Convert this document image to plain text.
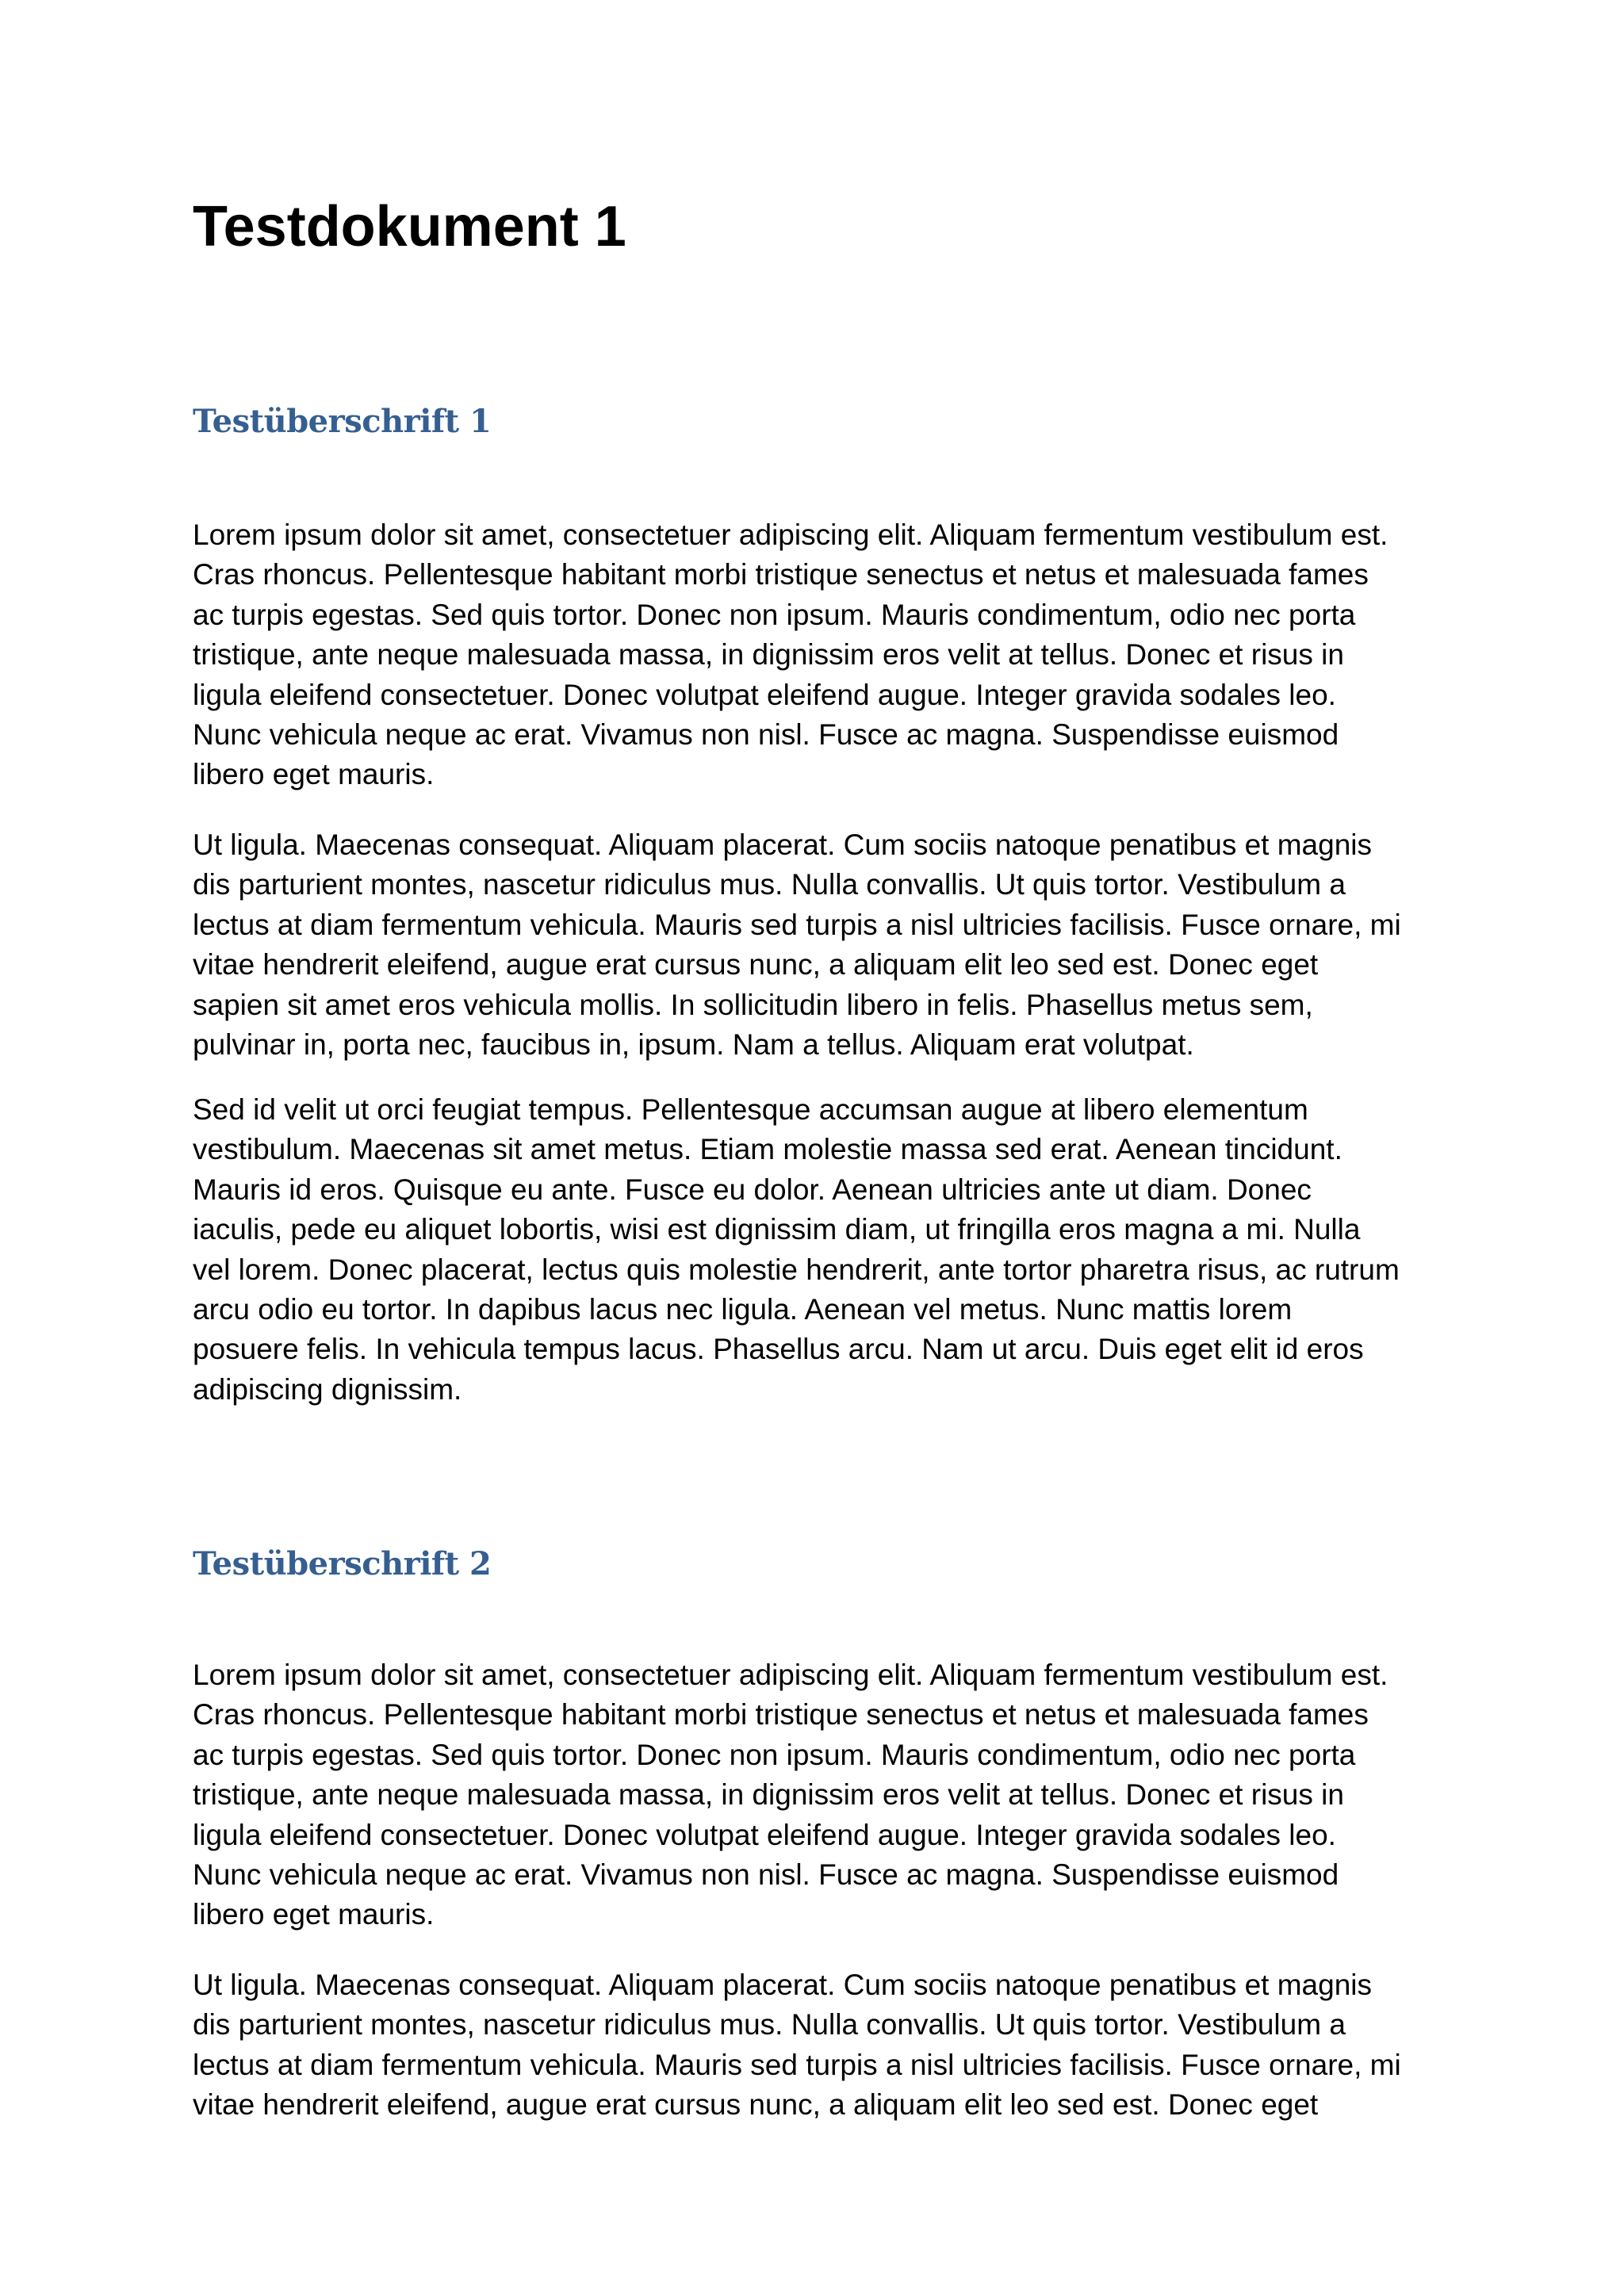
Testdokument 1
Testüberschrift 1
Lorem ipsum dolor sit amet, consectetuer adipiscing elit. Aliquam fermentum vestibulum est.
Cras rhoncus. Pellentesque habitant morbi tristique senectus et netus et malesuada fames
ac turpis egestas. Sed quis tortor. Donec non ipsum. Mauris condimentum, odio nec porta
tristique, ante neque malesuada massa, in dignissim eros velit at tellus. Donec et risus in
ligula eleifend consectetuer. Donec volutpat eleifend augue. Integer gravida sodales leo.
Nunc vehicula neque ac erat. Vivamus non nisl. Fusce ac magna. Suspendisse euismod
libero eget mauris.
Ut ligula. Maecenas consequat. Aliquam placerat. Cum sociis natoque penatibus et magnis
dis parturient montes, nascetur ridiculus mus. Nulla convallis. Ut quis tortor. Vestibulum a
lectus at diam fermentum vehicula. Mauris sed turpis a nisl ultricies facilisis. Fusce ornare, mi
vitae hendrerit eleifend, augue erat cursus nunc, a aliquam elit leo sed est. Donec eget
sapien sit amet eros vehicula mollis. In sollicitudin libero in felis. Phasellus metus sem,
pulvinar in, porta nec, faucibus in, ipsum. Nam a tellus. Aliquam erat volutpat.
Sed id velit ut orci feugiat tempus. Pellentesque accumsan augue at libero elementum
vestibulum. Maecenas sit amet metus. Etiam molestie massa sed erat. Aenean tincidunt.
Mauris id eros. Quisque eu ante. Fusce eu dolor. Aenean ultricies ante ut diam. Donec
iaculis, pede eu aliquet lobortis, wisi est dignissim diam, ut fringilla eros magna a mi. Nulla
vel lorem. Donec placerat, lectus quis molestie hendrerit, ante tortor pharetra risus, ac rutrum
arcu odio eu tortor. In dapibus lacus nec ligula. Aenean vel metus. Nunc mattis lorem
posuere felis. In vehicula tempus lacus. Phasellus arcu. Nam ut arcu. Duis eget elit id eros
adipiscing dignissim.
Testüberschrift 2
Lorem ipsum dolor sit amet, consectetuer adipiscing elit. Aliquam fermentum vestibulum est.
Cras rhoncus. Pellentesque habitant morbi tristique senectus et netus et malesuada fames
ac turpis egestas. Sed quis tortor. Donec non ipsum. Mauris condimentum, odio nec porta
tristique, ante neque malesuada massa, in dignissim eros velit at tellus. Donec et risus in
ligula eleifend consectetuer. Donec volutpat eleifend augue. Integer gravida sodales leo.
Nunc vehicula neque ac erat. Vivamus non nisl. Fusce ac magna. Suspendisse euismod
libero eget mauris.
Ut ligula. Maecenas consequat. Aliquam placerat. Cum sociis natoque penatibus et magnis
dis parturient montes, nascetur ridiculus mus. Nulla convallis. Ut quis tortor. Vestibulum a
lectus at diam fermentum vehicula. Mauris sed turpis a nisl ultricies facilisis. Fusce ornare, mi
vitae hendrerit eleifend, augue erat cursus nunc, a aliquam elit leo sed est. Donec eget
